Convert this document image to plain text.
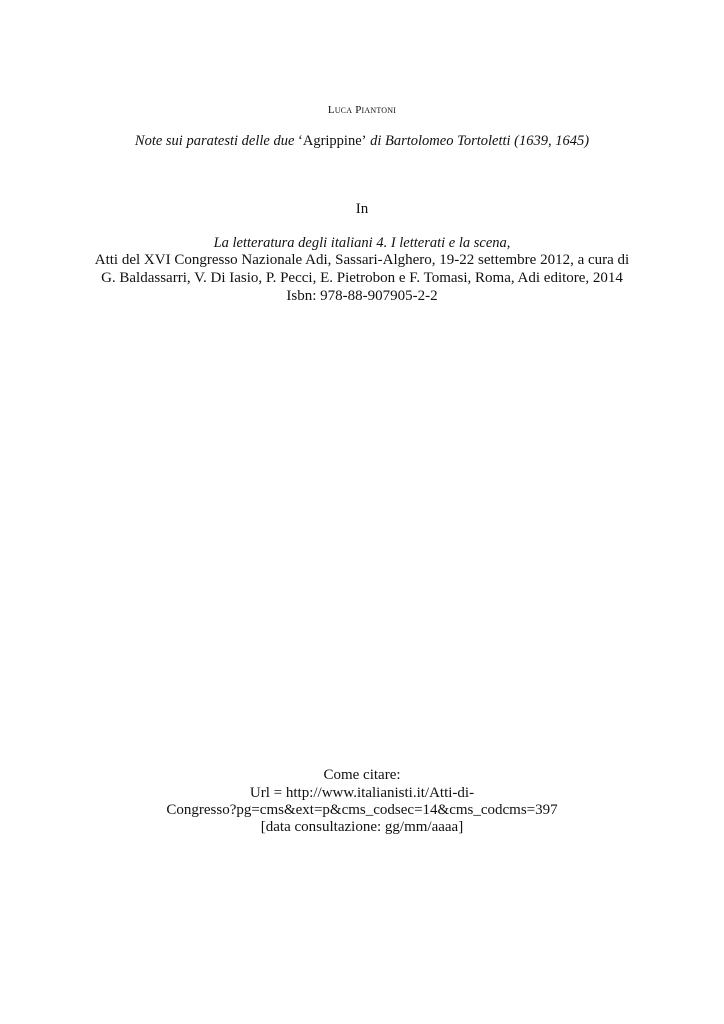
Luca Piantoni
Note sui paratesti delle due ‘Agrippine’ di Bartolomeo Tortoletti (1639, 1645)
In
La letteratura degli italiani 4. I letterati e la scena,
Atti del XVI Congresso Nazionale Adi, Sassari-Alghero, 19-22 settembre 2012, a cura di
G. Baldassarri, V. Di Iasio, P. Pecci, E. Pietrobon e F. Tomasi, Roma, Adi editore, 2014
Isbn: 978-88-907905-2-2
Come citare:
Url = http://www.italianisti.it/Atti-di-
Congresso?pg=cms&ext=p&cms_codsec=14&cms_codcms=397
[data consultazione: gg/mm/aaaa]
